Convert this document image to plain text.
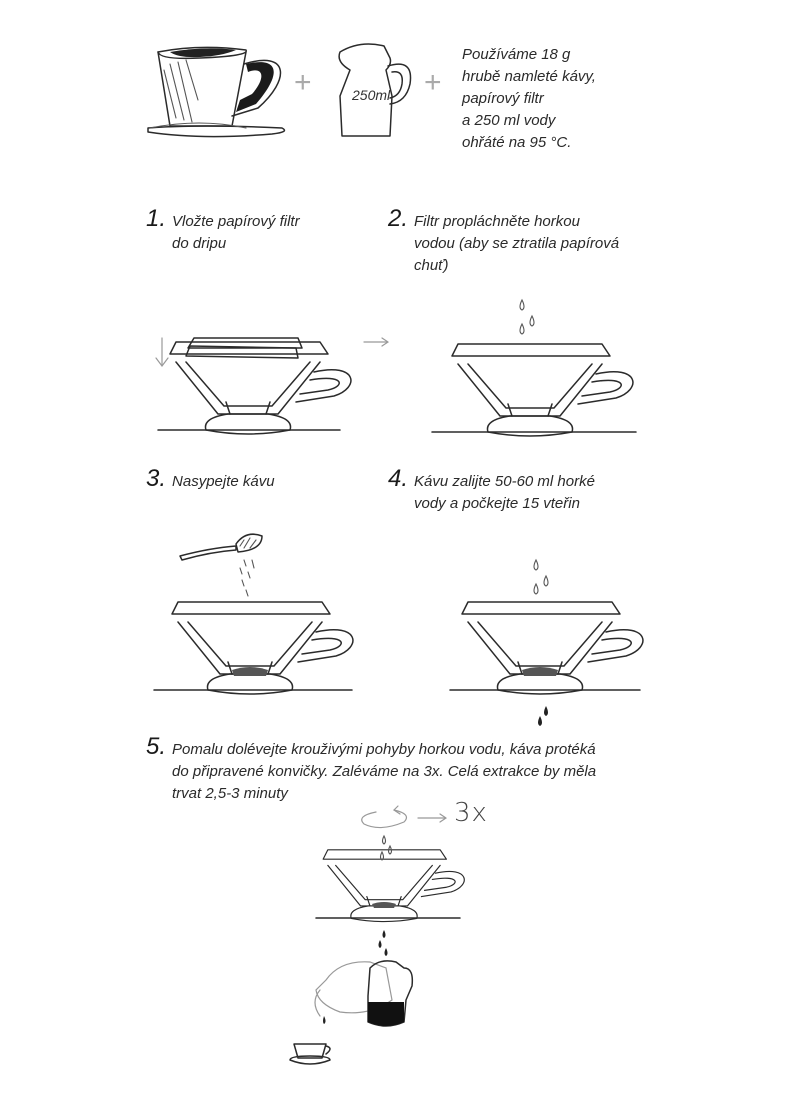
+	250ml +
Používáme 18 g
hrubě namleté kávy,
papírový filtr
a 250 ml vody
ohřáté na 95 °C.
1. Vložte papírový filtr
do dripu
2. Filtr propláchněte horkou
vodou (aby se ztratila papírová
chuť)
3. Nasypejte kávu	4. Kávu zalijte 50-60 ml horké
vody a počkejte 15 vteřin
5. Pomalu dolévejte krouživými pohyby horkou vodu, káva protéká
do připravené konvičky. Zaléváme na 3x. Celá extrakce by měla
trvat 2,5-3 minuty
3x
